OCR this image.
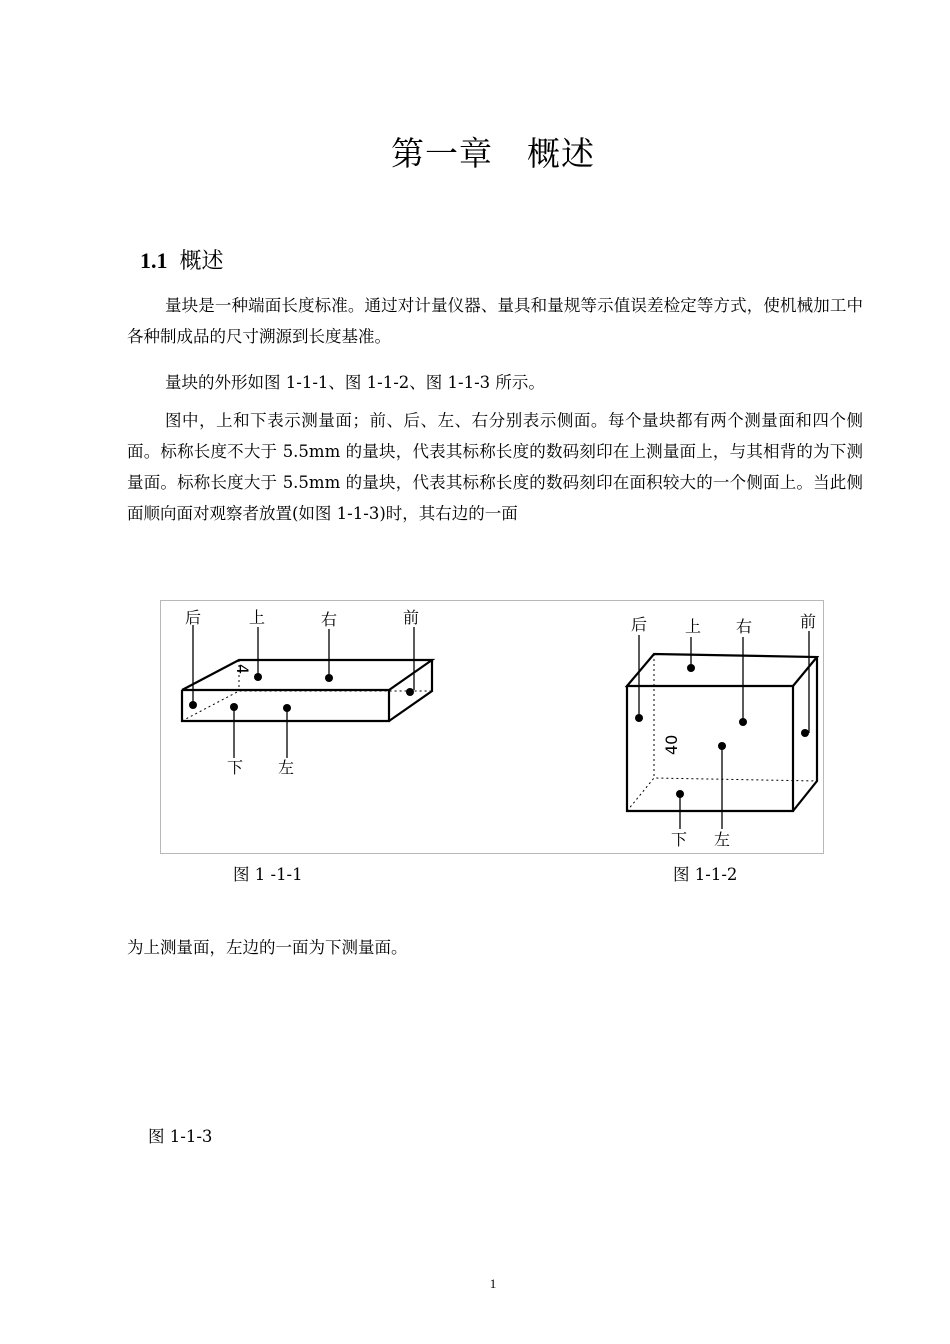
第一章　概述
1.1 概述

量块是一种端面长度标准。通过对计量仪器、量具和量规等示值误差检定等方式，使机械加工中各种制成品的尺寸溯源到长度基准。

量块的外形如图 1-1-1、图 1-1-2、图 1-1-3 所示。

图中，上和下表示测量面；前、后、左、右分别表示侧面。每个量块都有两个测量面和四个侧面。标称长度不大于 5.5mm 的量块，代表其标称长度的数码刻印在上测量面上，与其相背的为下测量面。标称长度大于 5.5mm 的量块，代表其标称长度的数码刻印在面积较大的一个侧面上。当此侧面顺向面对观察者放置(如图 1-1-3)时，其右边的一面

后	上	右	前
下 左
4
后 上 右	前
下 左
40
图 1 -1-1	图 1-1-2

为上测量面，左边的一面为下测量面。

图 1-1-3
1
